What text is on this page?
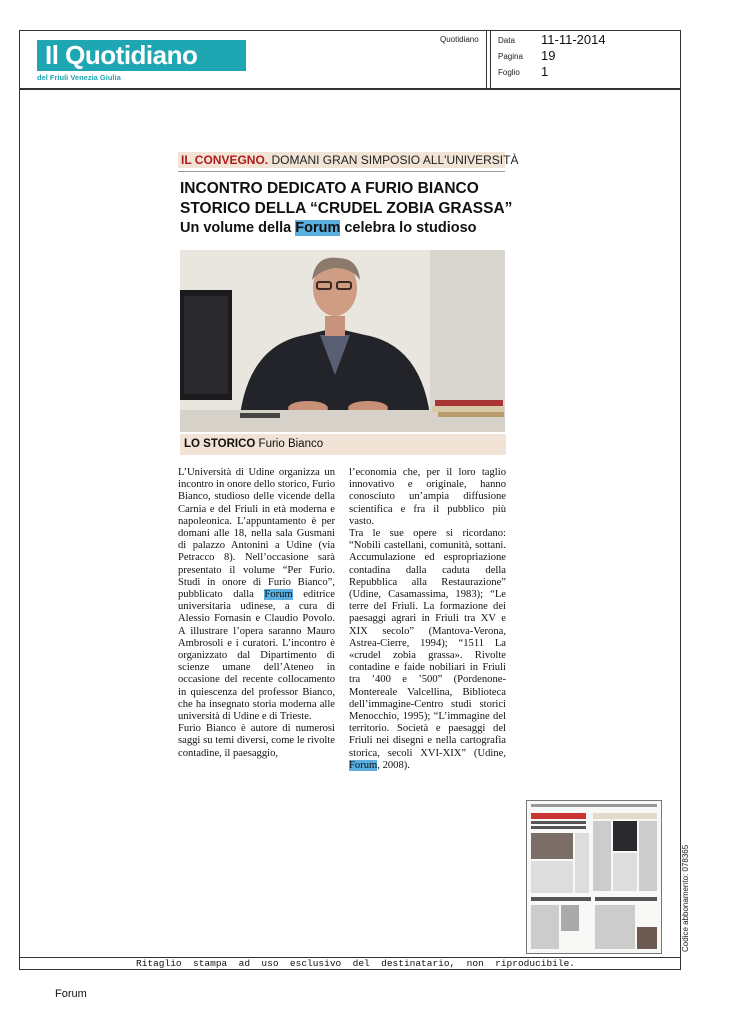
Il Quotidiano
del Friuli Venezia Giulia
Quotidiano Data 11-11-2014
Pagina 19
Foglio 1
IL CONVEGNO. DOMANI GRAN SIMPOSIO ALL'UNIVERSITÀ
INCONTRO DEDICATO A FURIO BIANCO
STORICO DELLA “CRUDEL ZOBIA GRASSA”
Un volume della Forum celebra lo studioso
LO STORICO Furio Bianco

L’Università di Udine organizza un incontro in onore dello storico, Furio Bianco, studioso delle vicende della Carnia e del Friuli in età moderna e napoleonica. L’appuntamento è per domani alle 18, nella sala Gusmani di palazzo Antonini a Udine (via Petracco 8). Nell’occasione sarà presentato il volume “Per Furio. Studi in onore di Furio Bianco”, pubblicato dalla Forum editrice universitaria udinese, a cura di Alessio Fornasin e Claudio Povolo. A illustrare l’opera saranno Mauro Ambrosoli e i curatori. L’incontro è organizzato dal Dipartimento di scienze umane dell’Ateneo in occasione del recente collocamento in quiescenza del professor Bianco, che ha insegnato storia moderna alle università di Udine e di Trieste.

Furio Bianco è autore di numerosi saggi su temi diversi, come le rivolte contadine, il paesaggio,

l’economia che, per il loro taglio innovativo e originale, hanno conosciuto un’ampia diffusione scientifica e fra il pubblico più vasto.

Tra le sue opere si ricordano: “Nobili castellani, comunità, sottani. Accumulazione ed espropriazione contadina dalla caduta della Repubblica alla Restaurazione” (Udine, Casamassima, 1983); “Le terre del Friuli. La formazione dei paesaggi agrari in Friuli tra XV e XIX secolo” (Mantova-Verona, Astrea-Cierre, 1994); “1511 La «crudel zobia grassa». Rivolte contadine e faide nobiliari in Friuli tra ’400 e ’500” (Pordenone-Montereale Valcellina, Biblioteca dell’immagine-Centro studi storici Menocchio, 1995); “L’immagine del territorio. Società e paesaggi del Friuli nei disegni e nella cartografia storica, secoli XVI-XIX” (Udine, Forum, 2008).

Ritaglio  stampa  ad  uso  esclusivo  del  destinatario,  non  riproducibile.
Codice abbonamento: 078365
Forum
